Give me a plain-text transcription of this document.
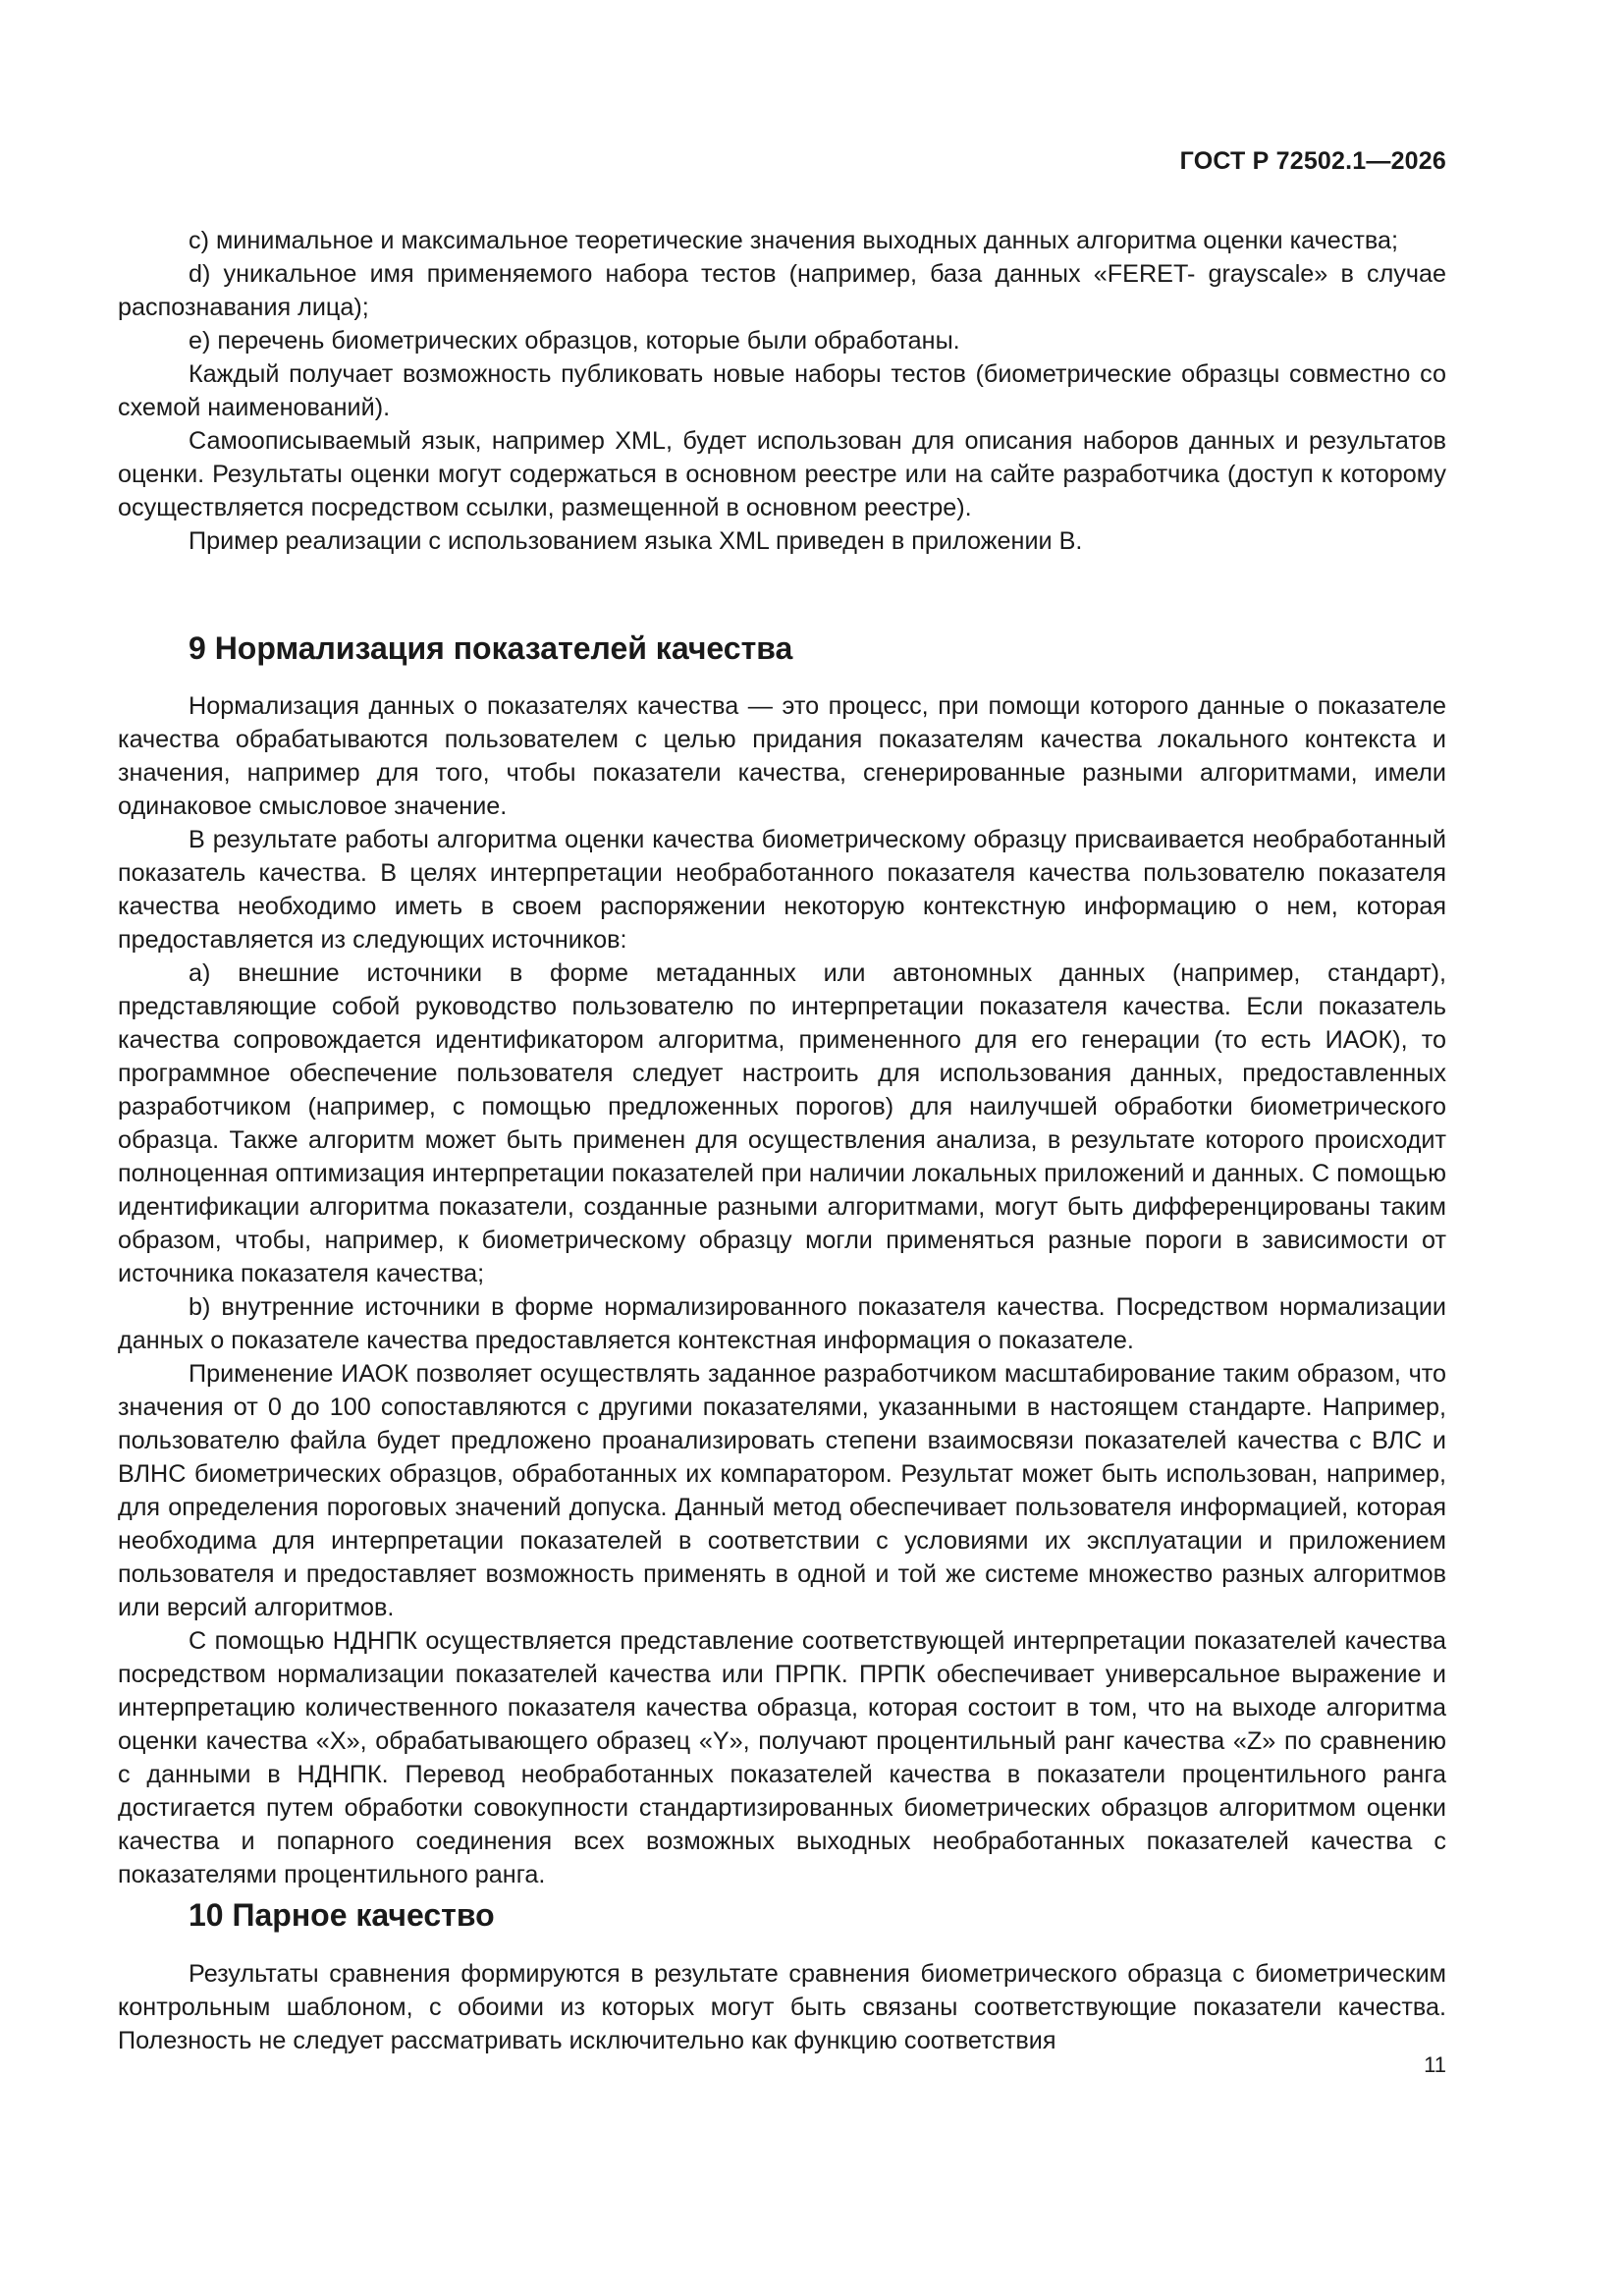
ГОСТ Р 72502.1—2026

c) минимальное и максимальное теоретические значения выходных данных алгоритма оценки качества;

d) уникальное имя применяемого набора тестов (например, база данных «FERET- grayscale» в случае распознавания лица);

e) перечень биометрических образцов, которые были обработаны.

Каждый получает возможность публиковать новые наборы тестов (биометрические образцы совместно со схемой наименований).

Самоописываемый язык, например XML, будет использован для описания наборов данных и результатов оценки. Результаты оценки могут содержаться в основном реестре или на сайте разработчика (доступ к которому осуществляется посредством ссылки, размещенной в основном реестре).

Пример реализации с использованием языка XML приведен в приложении В.

9 Нормализация показателей качества

Нормализация данных о показателях качества — это процесс, при помощи которого данные о показателе качества обрабатываются пользователем с целью придания показателям качества локального контекста и значения, например для того, чтобы показатели качества, сгенерированные разными алгоритмами, имели одинаковое смысловое значение.

В результате работы алгоритма оценки качества биометрическому образцу присваивается необработанный показатель качества. В целях интерпретации необработанного показателя качества пользователю показателя качества необходимо иметь в своем распоряжении некоторую контекстную информацию о нем, которая предоставляется из следующих источников:

a) внешние источники в форме метаданных или автономных данных (например, стандарт), представляющие собой руководство пользователю по интерпретации показателя качества. Если показатель качества сопровождается идентификатором алгоритма, примененного для его генерации (то есть ИАОК), то программное обеспечение пользователя следует настроить для использования данных, предоставленных разработчиком (например, с помощью предложенных порогов) для наилучшей обработки биометрического образца. Также алгоритм может быть применен для осуществления анализа, в результате которого происходит полноценная оптимизация интерпретации показателей при наличии локальных приложений и данных. С помощью идентификации алгоритма показатели, созданные разными алгоритмами, могут быть дифференцированы таким образом, чтобы, например, к биометрическому образцу могли применяться разные пороги в зависимости от источника показателя качества;

b) внутренние источники в форме нормализированного показателя качества. Посредством нормализации данных о показателе качества предоставляется контекстная информация о показателе.

Применение ИАОК позволяет осуществлять заданное разработчиком масштабирование таким образом, что значения от 0 до 100 сопоставляются с другими показателями, указанными в настоящем стандарте. Например, пользователю файла будет предложено проанализировать степени взаимосвязи показателей качества с ВЛС и ВЛНС биометрических образцов, обработанных их компаратором. Результат может быть использован, например, для определения пороговых значений допуска. Данный метод обеспечивает пользователя информацией, которая необходима для интерпретации показателей в соответствии с условиями их эксплуатации и приложением пользователя и предоставляет возможность применять в одной и той же системе множество разных алгоритмов или версий алгоритмов.

С помощью НДНПК осуществляется представление соответствующей интерпретации показателей качества посредством нормализации показателей качества или ПРПК. ПРПК обеспечивает универсальное выражение и интерпретацию количественного показателя качества образца, которая состоит в том, что на выходе алгоритма оценки качества «X», обрабатывающего образец «Y», получают процентильный ранг качества «Z» по сравнению с данными в НДНПК. Перевод необработанных показателей качества в показатели процентильного ранга достигается путем обработки совокупности стандартизированных биометрических образцов алгоритмом оценки качества и попарного соединения всех возможных выходных необработанных показателей качества с показателями процентильного ранга.

10 Парное качество

Результаты сравнения формируются в результате сравнения биометрического образца с биометрическим контрольным шаблоном, с обоими из которых могут быть связаны соответствующие показатели качества. Полезность не следует рассматривать исключительно как функцию соответствия

11
